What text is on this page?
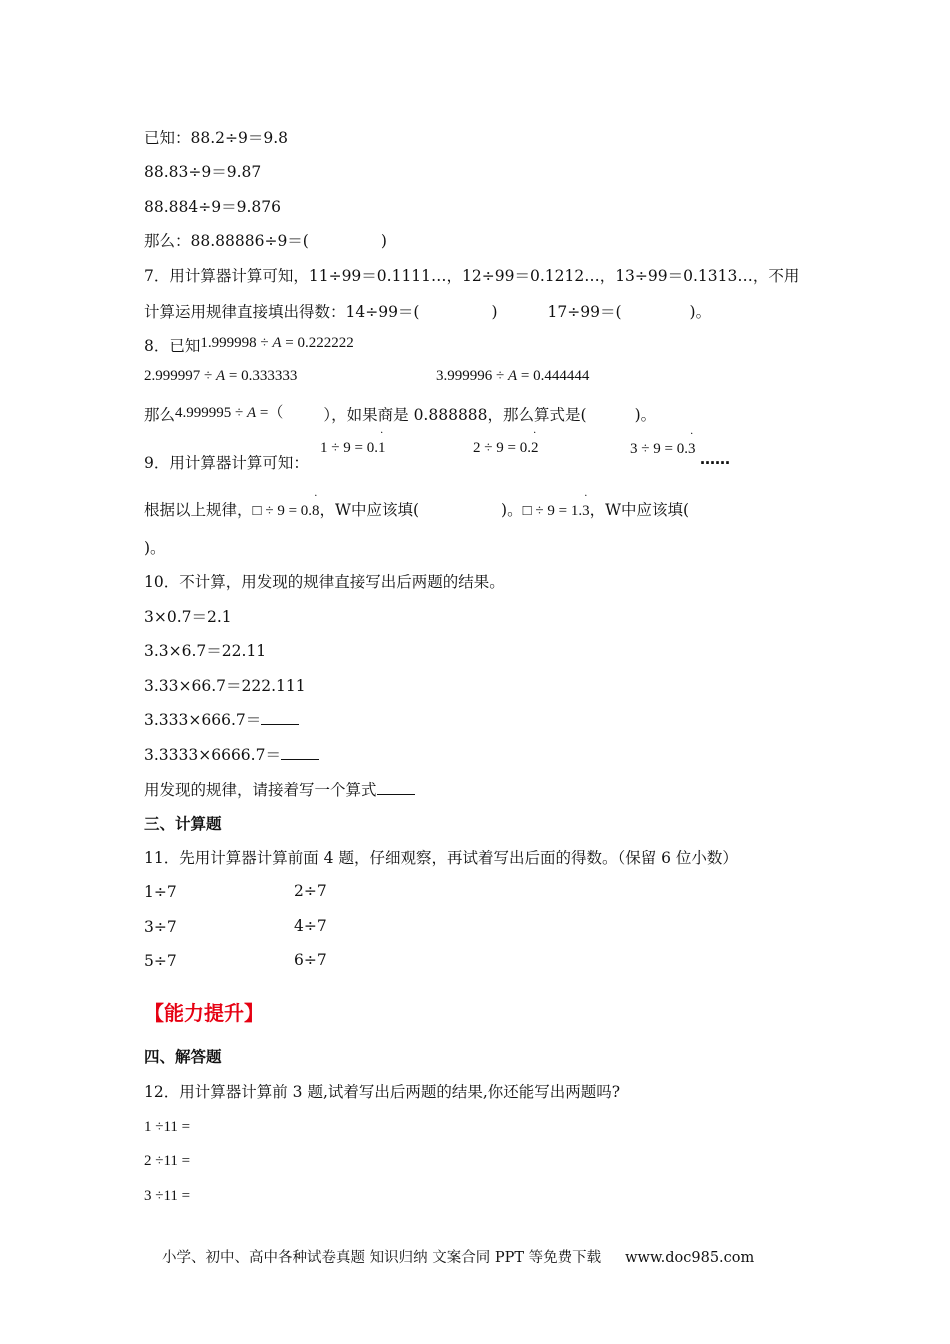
已知：88.2÷9＝9.8
88.83÷9＝9.87
88.884÷9＝9.876
那么：88.88886÷9＝(	)
7．用计算器计算可知，11÷99＝0.1111…，12÷99＝0.1212…，13÷99＝0.1313…，不用
计算运用规律直接填出得数：14÷99＝(	)	17÷99＝(	)。
8．已知1.999998 ÷ A = 0.222222
2.999997 ÷ A = 0.333333	3.999996 ÷ A = 0.444444
那么4.999995 ÷ A =（	），如果商是 0.888888，那么算式是(	)。
9．用计算器计算可知：
1 ÷ 9 = 0.˙ 1	2 ÷ 9 = 0.˙ 2	3 ÷ 9 = 0.˙ 3
……
根据以上规律，□ ÷ 9 = 0.˙ 8，W中应该填(	)。□ ÷ 9 = 1.˙ 3，W中应该填(
)。
10．不计算，用发现的规律直接写出后两题的结果。
3×0.7＝2.1
3.3×6.7＝22.11
3.33×66.7＝222.111
3.333×666.7＝
3.3333×6666.7＝
用发现的规律，请接着写一个算式
三、计算题
11．先用计算器计算前面 4 题，仔细观察，再试着写出后面的得数。（保留 6 位小数）
1÷7	2÷7
3÷7	4÷7
5÷7	6÷7
【能力提升】
四、解答题
12．用计算器计算前 3 题,试着写出后两题的结果,你还能写出两题吗?
1 ÷11 =
2 ÷11 =
3 ÷11 =
小学、初中、高中各种试卷真题 知识归纳 文案合同 PPT 等免费下载 www.doc985.com
